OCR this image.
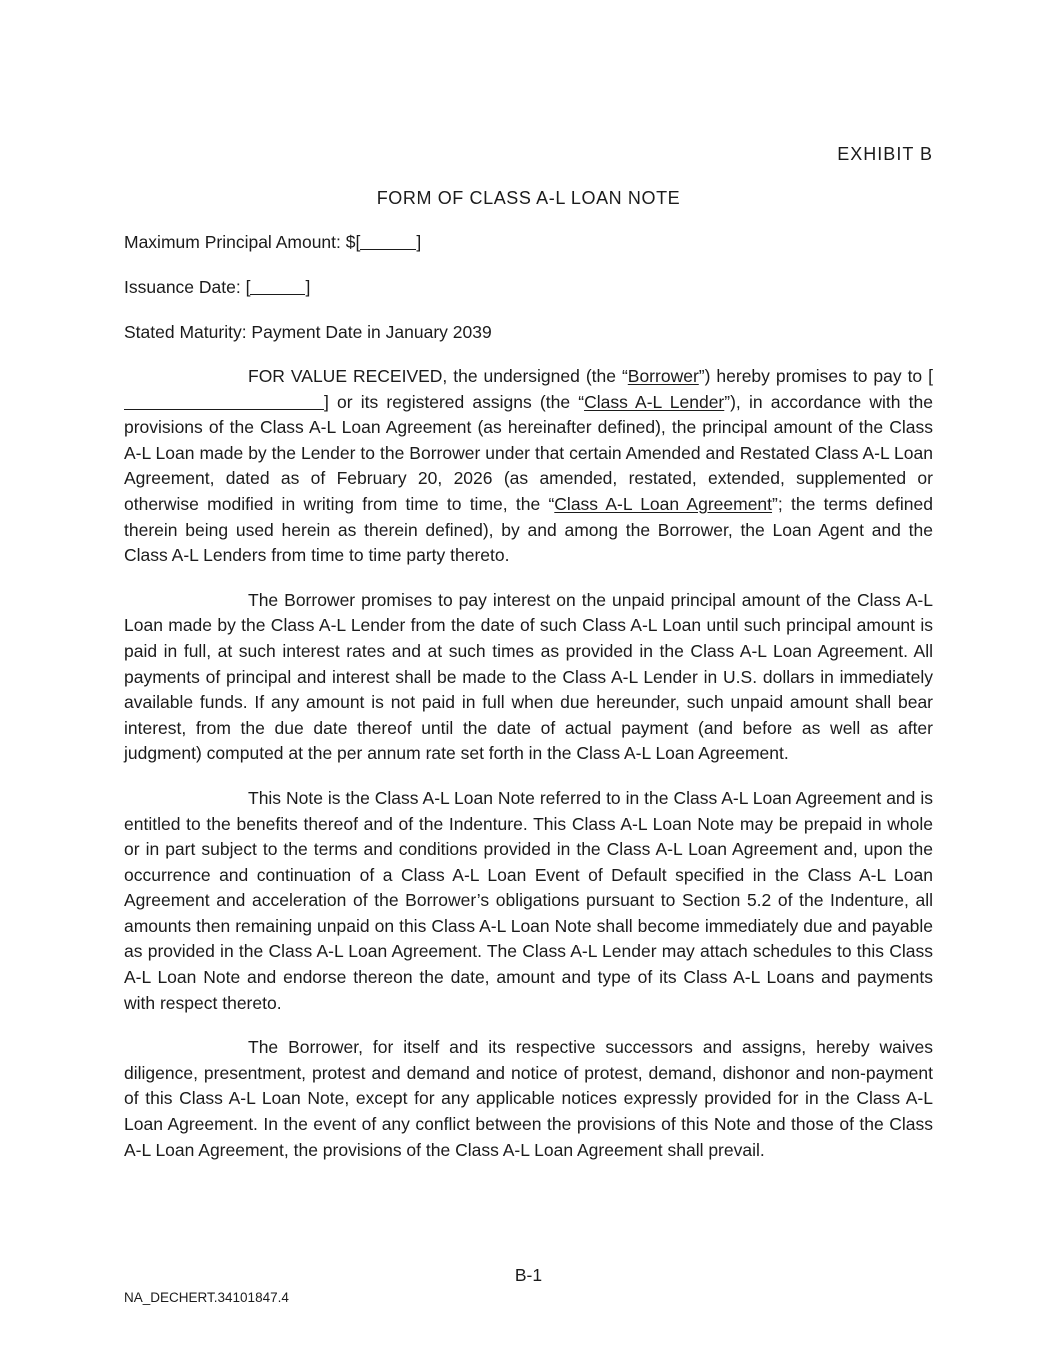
EXHIBIT B
FORM OF CLASS A-L LOAN NOTE

Maximum Principal Amount: $[	]

Issuance Date: [	]

Stated Maturity: Payment Date in January 2039

FOR VALUE RECEIVED, the undersigned (the “Borrower”) hereby promises to pay to [] or its registered assigns (the “Class A-L Lender”), in accordance with the provisions of the Class A-L Loan Agreement (as hereinafter defined), the principal amount of the Class A-L Loan made by the Lender to the Borrower under that certain Amended and Restated Class A-L Loan Agreement, dated as of February 20, 2026 (as amended, restated, extended, supplemented or otherwise modified in writing from time to time, the “Class A-L Loan Agreement”; the terms defined therein being used herein as therein defined), by and among the Borrower, the Loan Agent and the Class A-L Lenders from time to time party thereto.

The Borrower promises to pay interest on the unpaid principal amount of the Class A-L Loan made by the Class A-L Lender from the date of such Class A-L Loan until such principal amount is paid in full, at such interest rates and at such times as provided in the Class A-L Loan Agreement. All payments of principal and interest shall be made to the Class A-L Lender in U.S. dollars in immediately available funds. If any amount is not paid in full when due hereunder, such unpaid amount shall bear interest, from the due date thereof until the date of actual payment (and before as well as after judgment) computed at the per annum rate set forth in the Class A-L Loan Agreement.

This Note is the Class A-L Loan Note referred to in the Class A-L Loan Agreement and is entitled to the benefits thereof and of the Indenture. This Class A-L Loan Note may be prepaid in whole or in part subject to the terms and conditions provided in the Class A-L Loan Agreement and, upon the occurrence and continuation of a Class A-L Loan Event of Default specified in the Class A-L Loan Agreement and acceleration of the Borrower’s obligations pursuant to Section 5.2 of the Indenture, all amounts then remaining unpaid on this Class A-L Loan Note shall become immediately due and payable as provided in the Class A-L Loan Agreement. The Class A-L Lender may attach schedules to this Class A-L Loan Note and endorse thereon the date, amount and type of its Class A-L Loans and payments with respect thereto.

The Borrower, for itself and its respective successors and assigns, hereby waives diligence, presentment, protest and demand and notice of protest, demand, dishonor and non-payment of this Class A-L Loan Note, except for any applicable notices expressly provided for in the Class A-L Loan Agreement. In the event of any conflict between the provisions of this Note and those of the Class A-L Loan Agreement, the provisions of the Class A-L Loan Agreement shall prevail.

B-1
NA_DECHERT.34101847.4
